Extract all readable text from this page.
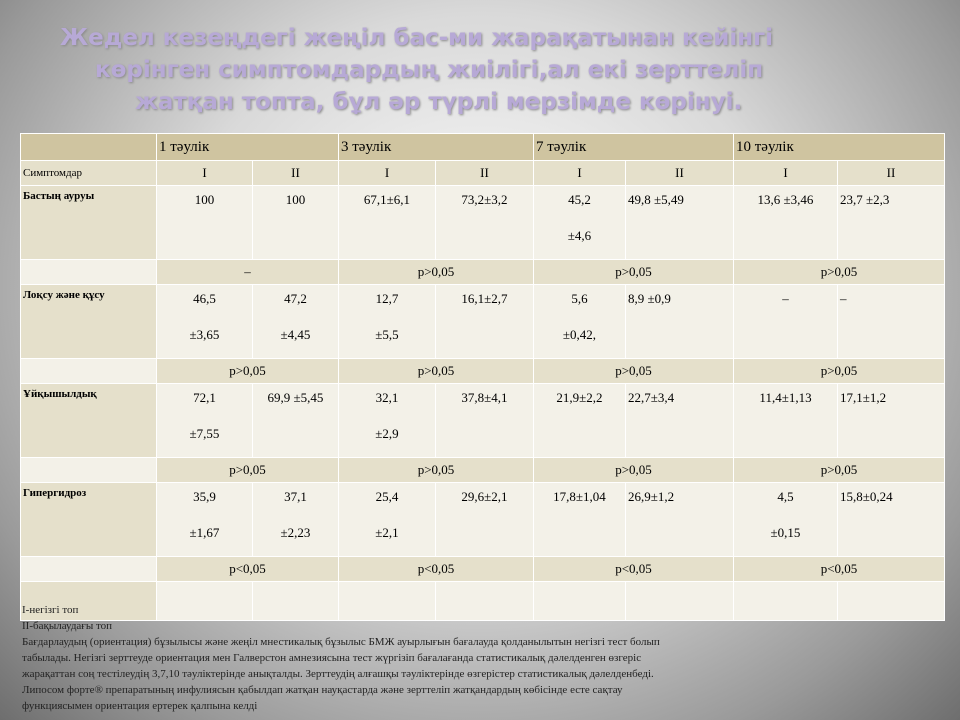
Жедел кезеңдегі жеңіл бас-ми жарақатынан кейінгі
көрінген симптомдардың жиілігі,ал екі зерттеліп
жатқан топта, бұл әр түрлі мерзімде көрінуі.
	1 тәулік		3 тәулік		7 тәулік		10 тәулік	
Симптомдар	I	II	I	II	I	II	I	II
Бастың ауруы	100	100	67,1±6,1	73,2±3,2	45,2
±4,6	49,8 ±5,49	13,6 ±3,46	23,7 ±2,3
	–		p>0,05		p>0,05		p>0,05	
Лоқсу және құсу	46,5
±3,65	47,2
±4,45	12,7
±5,5	16,1±2,7	5,6
±0,42,	8,9 ±0,9	–	–
	p>0,05		p>0,05		p>0,05		p>0,05	
Ұйқышылдық	72,1
±7,55	69,9 ±5,45	32,1
±2,9	37,8±4,1	21,9±2,2	22,7±3,4	11,4±1,13	17,1±1,2
	p>0,05		p>0,05		p>0,05		p>0,05	
Гипергидроз	35,9
±1,67	37,1
±2,23	25,4
±2,1	29,6±2,1	17,8±1,04	26,9±1,2	4,5
±0,15	15,8±0,24
	p<0,05		p<0,05		p<0,05		p<0,05	

I-негізгі топ
II-бақылаудағы топ
Бағдарлаудың (ориентация) бұзылысы және жеңіл мнестикалық бұзылыс БМЖ ауырлығын бағалауда қолданылытын негізгі тест болып
табылады. Негізгі зерттеуде ориентация мен Галверстон амнезиясына тест жүргізіп бағалағанда статистикалық дәлелденген өзгеріс
жарақаттан соң тестілеудің 3,7,10 тәуліктерінде анықталды. Зерттеудің алғашқы тәуліктерінде өзгерістер статистикалық дәлелденбеді.
Липосом форте® препаратының инфулиясын қабылдап жатқан науқастарда және зерттеліп жатқандардың көбісінде есте сақтау
функциясымен ориентация ертерек қалпына келді
